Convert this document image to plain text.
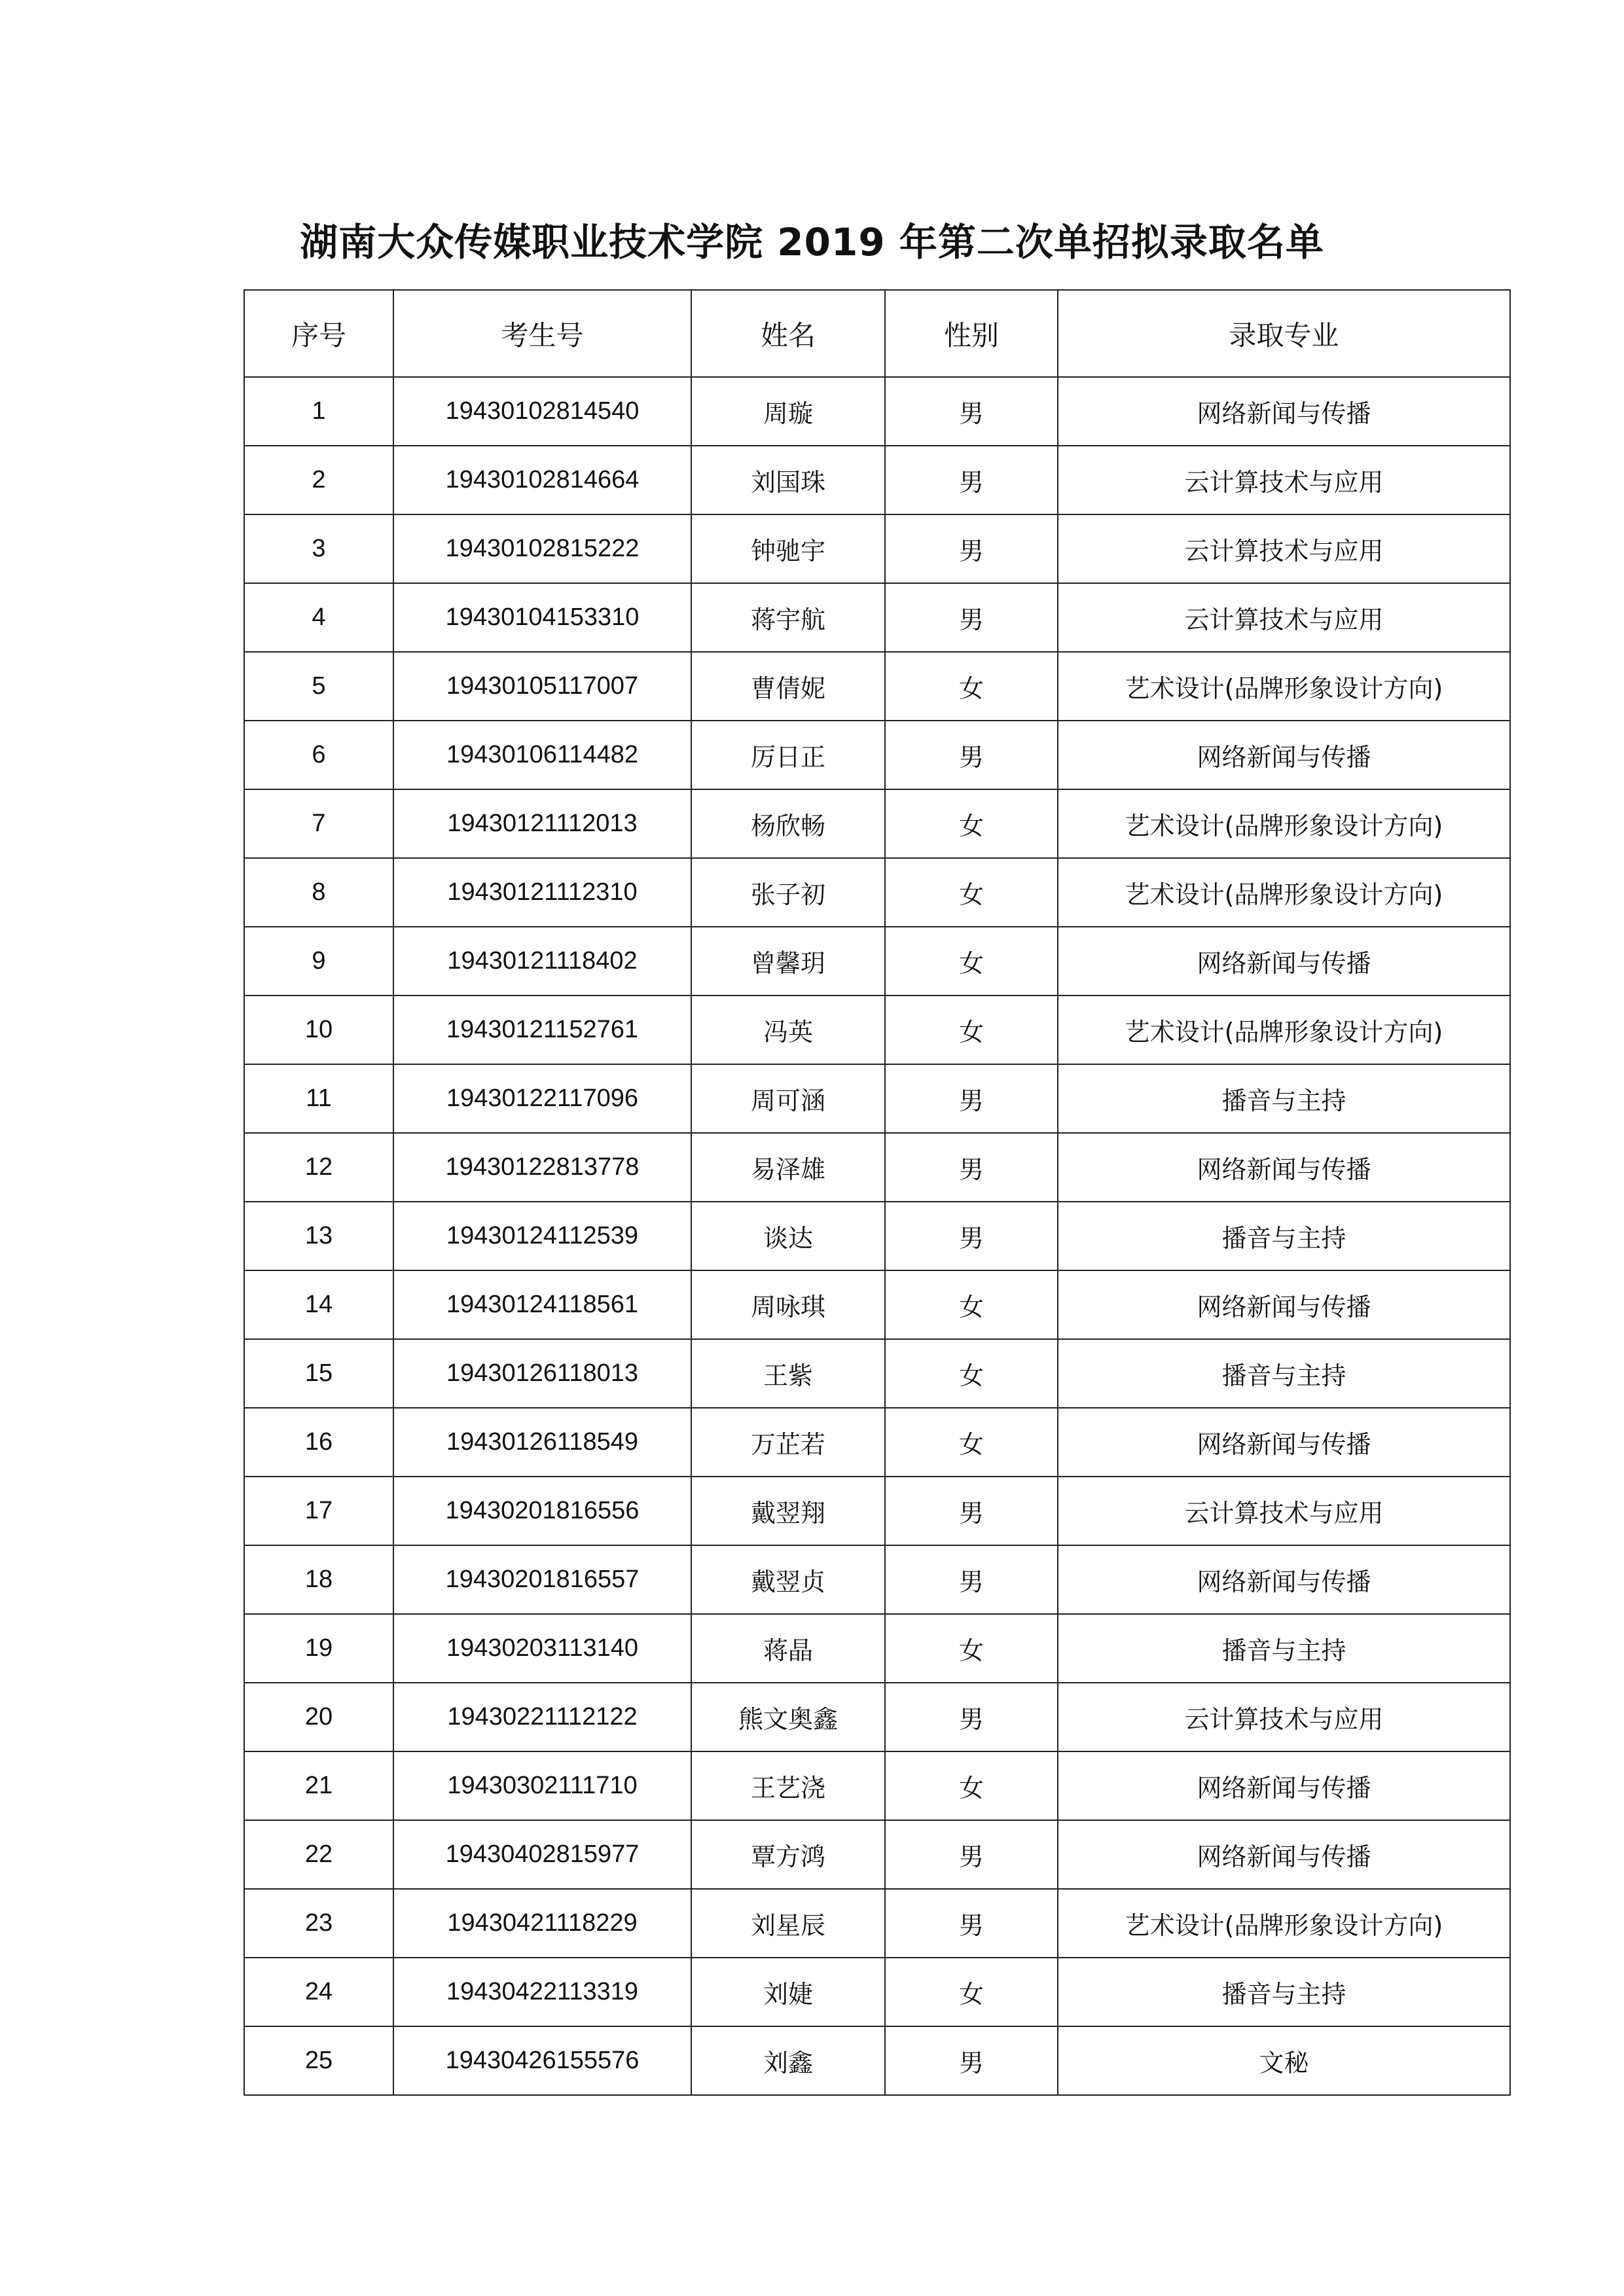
湖南大众传媒职业技术学院 2019 年第二次单招拟录取名单
序号	考生号	姓名	性别	录取专业
1	19430102814540	周璇	男	网络新闻与传播
2	19430102814664	刘国珠	男	云计算技术与应用
3	19430102815222	钟驰宇	男	云计算技术与应用
4	19430104153310	蒋宇航	男	云计算技术与应用
5	19430105117007	曹倩妮	女	艺术设计(品牌形象设计方向)
6	19430106114482	厉日正	男	网络新闻与传播
7	19430121112013	杨欣畅	女	艺术设计(品牌形象设计方向)
8	19430121112310	张子初	女	艺术设计(品牌形象设计方向)
9	19430121118402	曾馨玥	女	网络新闻与传播
10	19430121152761	冯英	女	艺术设计(品牌形象设计方向)
11	19430122117096	周可涵	男	播音与主持
12	19430122813778	易泽雄	男	网络新闻与传播
13	19430124112539	谈达	男	播音与主持
14	19430124118561	周咏琪	女	网络新闻与传播
15	19430126118013	王紫	女	播音与主持
16	19430126118549	万芷若	女	网络新闻与传播
17	19430201816556	戴翌翔	男	云计算技术与应用
18	19430201816557	戴翌贞	男	网络新闻与传播
19	19430203113140	蒋晶	女	播音与主持
20	19430221112122	熊文奥鑫	男	云计算技术与应用
21	19430302111710	王艺浇	女	网络新闻与传播
22	19430402815977	覃方鸿	男	网络新闻与传播
23	19430421118229	刘星辰	男	艺术设计(品牌形象设计方向)
24	19430422113319	刘婕	女	播音与主持
25	19430426155576	刘鑫	男	文秘
